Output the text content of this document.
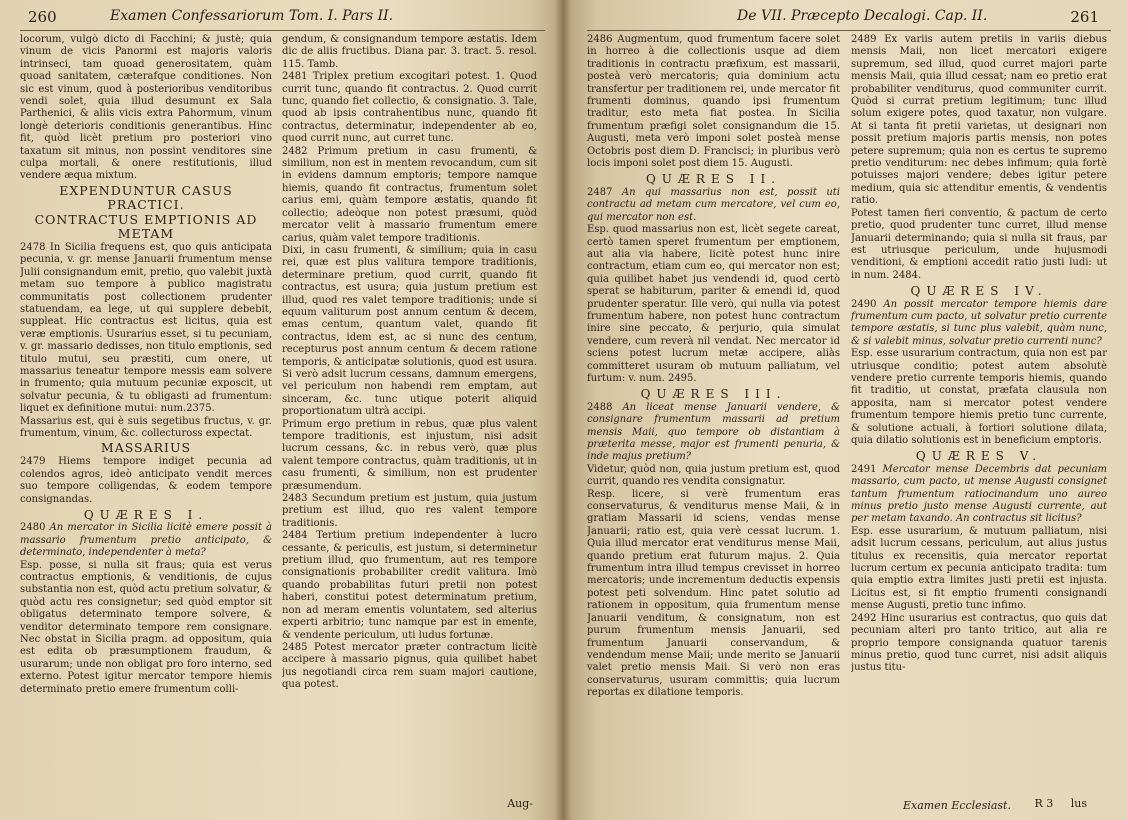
260	Examen Confessariorum Tom. I. Pars II.

locorum, vulgò dicto di Facchini; & justè; quia vinum de vicis Panormi est majoris valoris intrinseci, tam quoad generositatem, quàm quoad sanitatem, cæterafque conditiones. Non sic est vinum, quod à posterioribus venditoribus vendi solet, quia illud desumunt ex Sala Parthenici, & aliis vicis extra Pahormum, vinum longè deterioris conditionis generantibus. Hinc fit, quòd licèt pretium pro posteriori vino taxatum sit minus, non possint venditores sine culpa mortali, & onere restitutionis, illud vendere æqua mixtum.

EXPENDUNTUR CASUS PRACTICI.
CONTRACTUS EMPTIONIS AD METAM

2478 In Sicilia frequens est, quo quis anticipata pecunia, v. gr. mense Januarii frumentum mense Julii consignandum emit, pretio, quo valebit juxtà metam suo tempore à publico magistratu communitatis post collectionem prudenter statuendam, ea lege, ut qui supplere debebit, suppleat. Hic contractus est licitus, quia est veræ emptionis. Usurarius esset, si tu pecuniam, v. gr. massario dedisses, non titulo emptionis, sed titulo mutui, seu præstiti, cum onere, ut massarius teneatur tempore messis eam solvere in frumento; quia mutuum pecuniæ exposcit, ut solvatur pecunia, & tu obligasti ad frumentum: liquet ex definitione mutui: num.2375.

Massarius est, qui è suis segetibus fructus, v. gr. frumentum, vinum, &c. collectuross expectat.

MASSARIUS

2479 Hiems tempore indiget pecunia ad colendos agros, ideò anticipato vendit merces suo tempore colligendas, & eodem tempore consignandas.

QUÆRES I.

2480 An mercator in Sicilia licitè emere possit à massario frumentum pretio anticipato, & determinato, independenter à meta?

Esp. posse, si nulla sit fraus; quia est verus contractus emptionis, & venditionis, de cujus substantia non est, quòd actu pretium solvatur, & quòd actu res consignetur; sed quòd emptor sit obligatus determinato tempore solvere, & venditor determinato tempore rem consignare. Nec obstat in Sicilia pragm. ad oppositum, quia est edita ob præsumptionem fraudum, & usurarum; unde non obligat pro foro interno, sed externo. Potest igitur mercator tempore hiemis determinato pretio emere frumentum colli-

gendum, & consignandum tempore æstatis. Idem dic de aliis fructibus. Diana par. 3. tract. 5. resol. 115. Tamb.

2481 Triplex pretium excogitari potest. 1. Quod currit tunc, quando fit contractus. 2. Quod currit tunc, quando fiet collectio, & consignatio. 3. Tale, quod ab ipsis contrahentibus nunc, quando fit contractus, determinatur, independenter ab eo, quod currit nunc, aut curret tunc.

2482 Primum pretium in casu frumenti, & similium, non est in mentem revocandum, cum sit in evidens damnum emptoris; tempore namque hiemis, quando fit contractus, frumentum solet carius emi, quàm tempore æstatis, quando fit collectio; adeòque non potest præsumi, quòd mercator velit à massario frumentum emere carius, quàm valet tempore traditionis.

Dixi, in casu frumenti, & similium; quia in casu rei, quæ est plus valitura tempore traditionis, determinare pretium, quod currit, quando fit contractus, est usura; quia justum pretium est illud, quod res valet tempore traditionis; unde si equum valiturum post annum centum & decem, emas centum, quantum valet, quando fit contractus, idem est, ac si nunc des centum, recepturus post annum centum & decem ratione temporis, & anticipatæ solutionis, quod est usura. Si verò adsit lucrum cessans, damnum emergens, vel periculum non habendi rem emptam, aut sinceram, &c. tunc utique poterit aliquid proportionatum ultrà accipi.

Primum ergo pretium in rebus, quæ plus valent tempore traditionis, est injustum, nisi adsit lucrum cessans, &c. in rebus verò, quæ plus valent tempore contractus, quàm traditionis, ut in casu frumenti, & similium, non est prudenter præsumendum.

2483 Secundum pretium est justum, quia justum pretium est illud, quo res valent tempore traditionis.

2484 Tertium pretium independenter à lucro cessante, & periculis, est justum, si determinetur pretium illud, quo frumentum, aut res tempore consignationis probabiliter credit valitura. Imò quando probabilitas futuri pretii non potest haberi, constitui potest determinatum pretium, non ad meram ementis voluntatem, sed alterius experti arbitrio; tunc namque par est in emente, & vendente periculum, uti ludus fortunæ.

2485 Potest mercator præter contractum licitè accipere à massario pignus, quia quilibet habet jus negotiandi circa rem suam majori cautione, qua potest.

Aug-
De VII. Præcepto Decalogi. Cap. II.	261

2486 Augmentum, quod frumentum facere solet in horreo à die collectionis usque ad diem traditionis in contractu præfixum, est massarii, posteà verò mercatoris; quia dominium actu transfertur per traditionem rei, unde mercator fit frumenti dominus, quando ipsi frumentum traditur, esto meta fiat postea. In Sicilia frumentum præfigi solet consignandum die 15. Augusti, meta verò imponi solet posteà mense Octobris post diem D. Francisci; in pluribus verò locis imponi solet post diem 15. Augusti.

QUÆRES II.

2487 An qui massarius non est, possit uti contractu ad metam cum mercatore, vel cum eo, qui mercator non est.

Esp. quod massarius non est, licèt segete careat, certò tamen speret frumentum per emptionem, aut alia via habere, licitè potest hunc inire contractum, etiam cum eo, qui mercator non est; quia quilibet habet jus vendendi id, quod certò sperat se habiturum, pariter & emendi id, quod prudenter speratur. Ille verò, qui nulla via potest frumentum habere, non potest hunc contractum inire sine peccato, & perjurio, quia simulat vendere, cum reverà nil vendat. Nec mercator id sciens potest lucrum metæ accipere, aliàs committeret usuram ob mutuum palliatum, vel furtum: v. num. 2495.

QUÆRES III.

2488 An liceat mense Januarii vendere, & consignare frumentum massarii ad pretium mensis Maii, quo tempore ob distantiam à præterita messe, major est frumenti penuria, & inde majus pretium?

Videtur, quòd non, quia justum pretium est, quod currit, quando res vendita consignatur.

Resp. licere, si verè frumentum eras conservaturus, & venditurus mense Maii, & in gratiam Massarii id sciens, vendas mense Januarii; ratio est, quia verè cessat lucrum. 1. Quia illud mercator erat venditurus mense Maii, quando pretium erat futurum majus. 2. Quia frumentum intra illud tempus crevisset in horreo mercatoris; unde incrementum deductis expensis potest peti solvendum. Hinc patet solutio ad rationem in oppositum, quia frumentum mense Januarii venditum, & consignatum, non est purum frumentum mensis Januarii, sed frumentum Januarii conservandum, & vendendum mense Maii; unde merito se Januarii valet pretio mensis Maii. Si verò non eras conservaturus, usuram committis; quia lucrum reportas ex dilatione temporis.

2489 Ex variis autem pretiis in variis diebus mensis Maii, non licet mercatori exigere supremum, sed illud, quod curret majori parte mensis Maii, quia illud cessat; nam eo pretio erat probabiliter venditurus, quod communiter currit. Quòd si currat pretium legitimum; tunc illud solum exigere potes, quod taxatur, non vulgare. At si tanta fit pretii varietas, ut designari non possit pretium majoris partis mensis, non potes petere supremum; quia non es certus te supremo pretio venditurum: nec debes infimum; quia fortè potuisses majori vendere; debes igitur petere medium, quia sic attenditur ementis, & vendentis ratio.

Potest tamen fieri conventio, & pactum de certo pretio, quod prudenter tunc curret, illud mense Januarii determinando; quia si nulla sit fraus, par est utriusque periculum, unde hujusmodi venditioni, & emptioni accedit ratio justi ludi: ut in num. 2484.

QUÆRES IV.

2490 An possit mercator tempore hiemis dare frumentum cum pacto, ut solvatur pretio currente tempore æstatis, si tunc plus valebit, quàm nunc, & si valebit minus, solvatur pretio currenti nunc?

Esp. esse usurarium contractum, quia non est par utriusque conditio; potest autem absolutè vendere pretio currente temporis hiemis, quando fit traditio, ut constat, præfata clausula non apposita, nam si mercator potest vendere frumentum tempore hiemis pretio tunc currente, & solutione actuali, à fortiori solutione dilata, quia dilatio solutionis est in beneficium emptoris.

QUÆRES V.

2491 Mercator mense Decembris dat pecuniam massario, cum pacto, ut mense Augusti consignet tantum frumentum ratiocinandum uno aureo minus pretio justo mense Augusti currente, aut per metam taxando. An contractus sit licitus?

Esp. esse usurarium, & mutuum palliatum, nisi adsit lucrum cessans, periculum, aut alius justus titulus ex recensitis, quia mercator reportat lucrum certum ex pecunia anticipato tradita: tum quia emptio extra limites justi pretii est injusta. Licitus est, si fit emptio frumenti consignandi mense Augusti, pretio tunc infimo.

2492 Hinc usurarius est contractus, quo quis dat pecuniam alteri pro tanto tritico, aut alia re proprio tempore consignanda quatuor tarenis minus pretio, quod tunc curret, nisi adsit aliquis justus titu-

Examen Ecclesiast. R 3 lus
